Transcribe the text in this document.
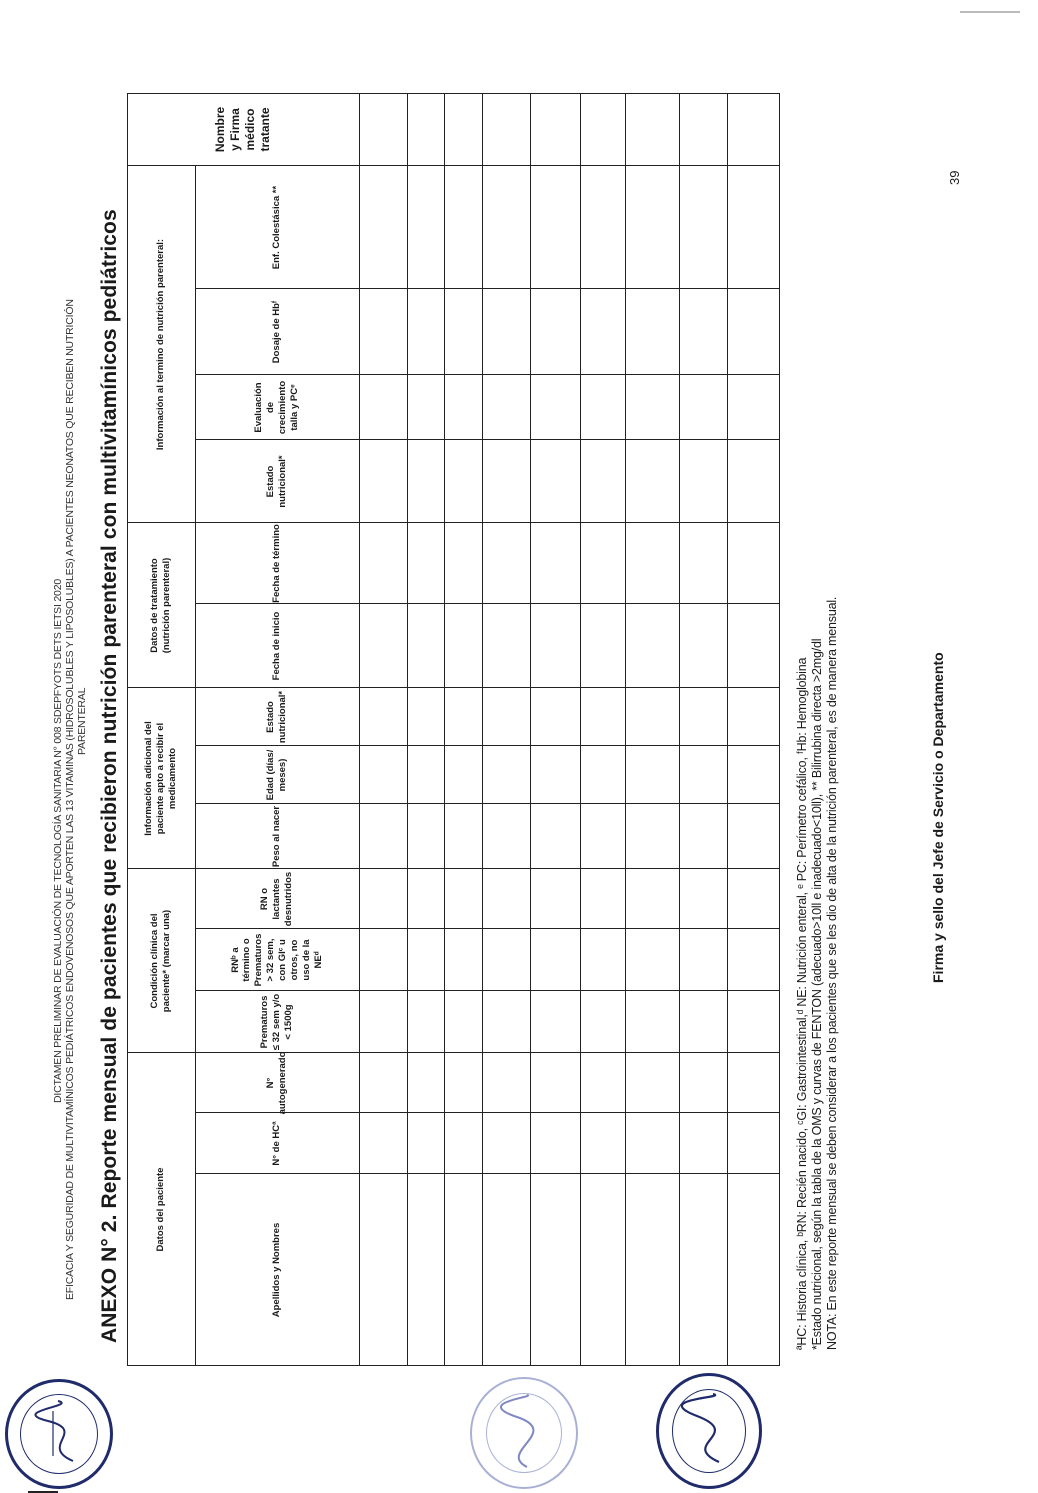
DICTAMEN PRELIMINAR DE EVALUACIÓN DE TECNOLOGÍA SANITARIA N° 008 SDEPFYOTS DETS IETSI 2020 EFICACIA Y SEGURIDAD DE MULTIVITAMÍNICOS PEDIÁTRICOS ENDOVENOSOS QUE APORTEN LAS 13 VITAMINAS (HIDROSOLUBLES Y LIPOSOLUBLES) A PACIENTES NEONATOS QUE RECIBEN NUTRICIÓN PARENTERAL ANEXO N° 2. Reporte mensual de pacientes que recibieron nutrición parenteral con multivitamínicos pediátricos	Datos del paciente
Condición clínica del paciente* (marcar una)
Información adicional del paciente apto a recibir el medicamento
Datos de tratamiento (nutrición parenteral)
Información al termino de nutrición parenteral:
Nombre y Firma médico tratante
Apellidos y Nombres
N° de HCª
N° autogenerado
Prematuros ≤ 32 sem y/o < 1500g
RNᵇ a término o Prematuros > 32 sem, con GIᶜ u otros, no uso de la NEᵈ
RN o lactantes desnutridos
Peso al nacer
Edad (días/ meses)
Estado nutricional*
Fecha de inicio
Fecha de término
Estado nutricional*
Evaluación de crecimiento talla y PCᵉ
Dosaje de Hbᶠ
Enf. Colestásica **
ªHC: Historia clínica, ᵇRN: Recién nacido, ᶜGI: Gastrointestinal,ᵈ NE: Nutrición enteral, ᵉ PC: Perímetro cefálico, ᶠHb: Hemoglobina *Estado nutricional, según la tabla de la OMS y curvas de FENTON (adecuado>10ll e inadecuado<10ll), ** Bilirrubina directa >2mg/dl NOTA: En este reporte mensual se deben considerar a los pacientes que se les dio de alta de la nutrición parenteral, es de manera mensual.	Firma y sello del Jefe de Servicio o Departamento
39
